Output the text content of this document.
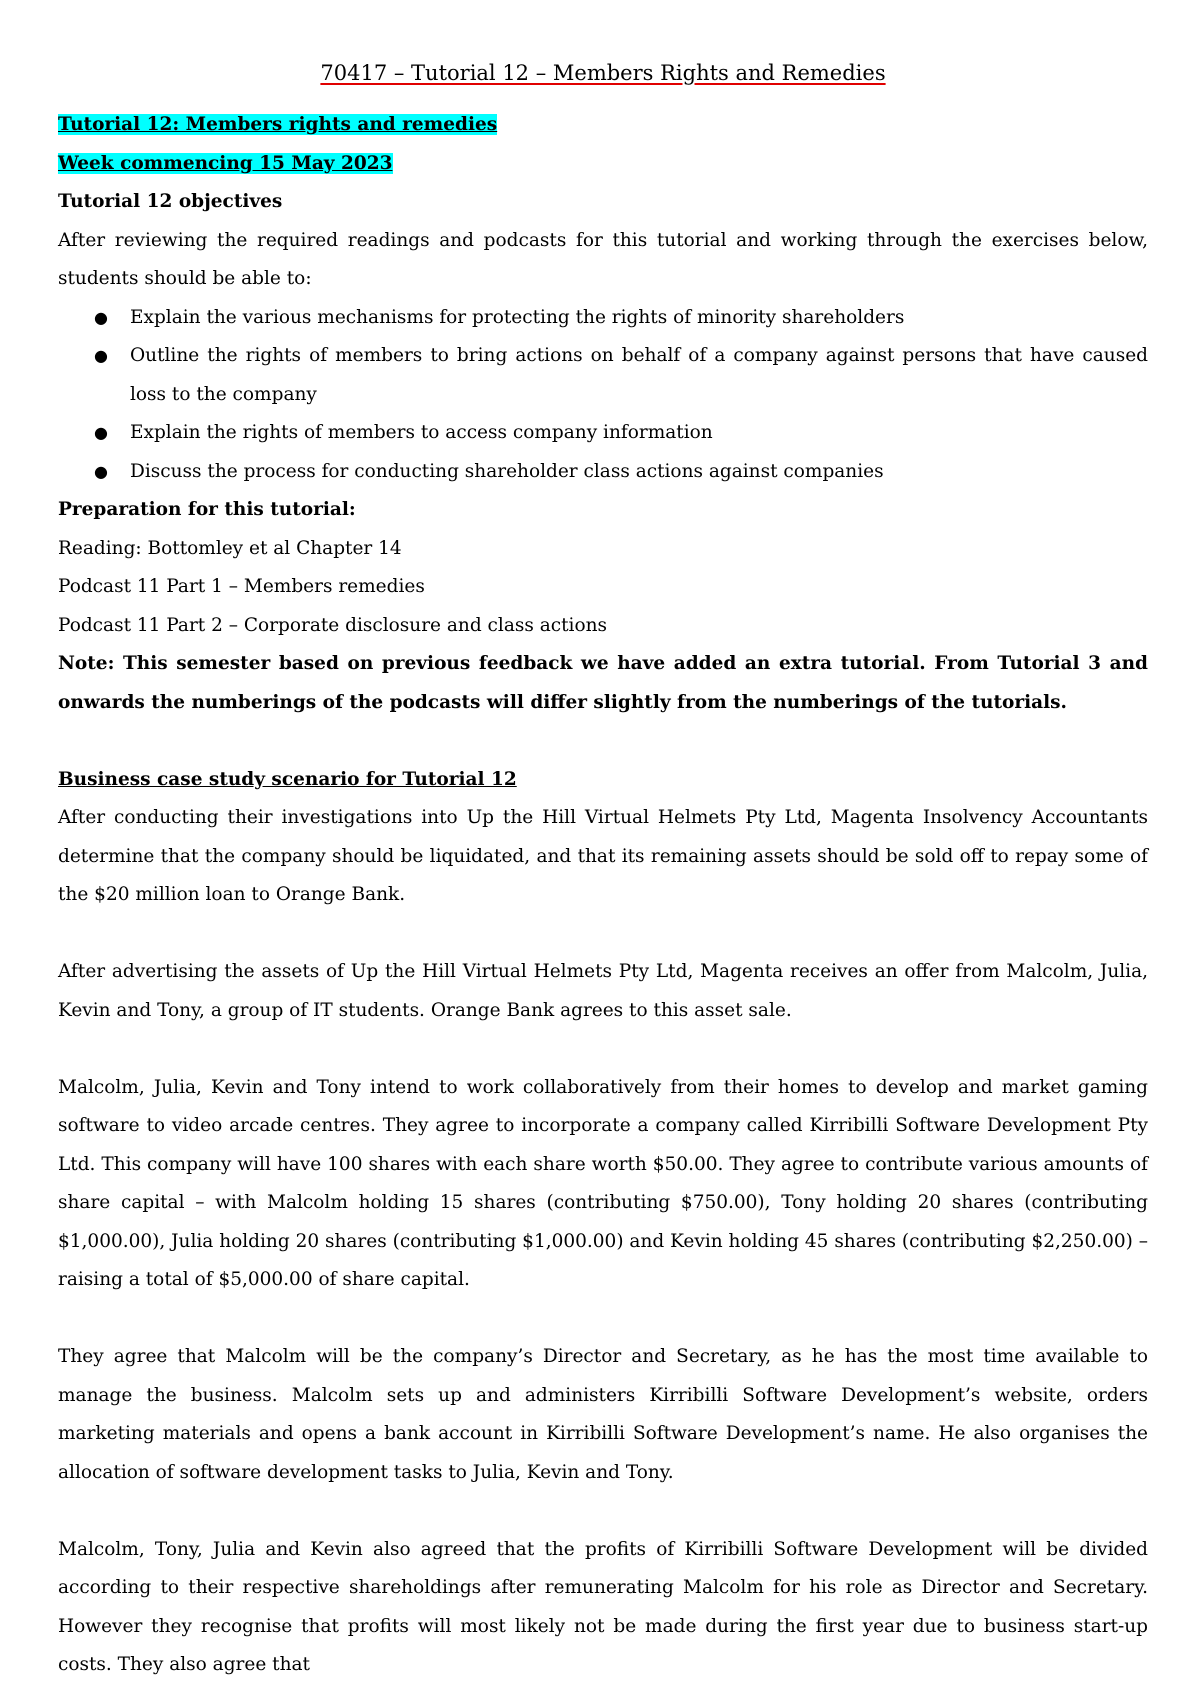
70417 – Tutorial 12 – Members Rights and Remedies

Tutorial 12: Members rights and remedies

Week commencing 15 May 2023

Tutorial 12 objectives

After reviewing the required readings and podcasts for this tutorial and working through the exercises below, students should be able to:

● Explain the various mechanisms for protecting the rights of minority shareholders
● Outline the rights of members to bring actions on behalf of a company against persons that have caused loss to the company
● Explain the rights of members to access company information
● Discuss the process for conducting shareholder class actions against companies

Preparation for this tutorial:

Reading: Bottomley et al Chapter 14

Podcast 11 Part 1 – Members remedies

Podcast 11 Part 2 – Corporate disclosure and class actions

Note: This semester based on previous feedback we have added an extra tutorial. From Tutorial 3 and onwards the numberings of the podcasts will differ slightly from the numberings of the tutorials.

Business case study scenario for Tutorial 12

After conducting their investigations into Up the Hill Virtual Helmets Pty Ltd, Magenta Insolvency Accountants determine that the company should be liquidated, and that its remaining assets should be sold off to repay some of the $20 million loan to Orange Bank.

After advertising the assets of Up the Hill Virtual Helmets Pty Ltd, Magenta receives an offer from Malcolm, Julia, Kevin and Tony, a group of IT students. Orange Bank agrees to this asset sale.

Malcolm, Julia, Kevin and Tony intend to work collaboratively from their homes to develop and market gaming software to video arcade centres. They agree to incorporate a company called Kirribilli Software Development Pty Ltd. This company will have 100 shares with each share worth $50.00. They agree to contribute various amounts of share capital – with Malcolm holding 15 shares (contributing $750.00), Tony holding 20 shares (contributing $1,000.00), Julia holding 20 shares (contributing $1,000.00) and Kevin holding 45 shares (contributing $2,250.00) – raising a total of $5,000.00 of share capital.

They agree that Malcolm will be the company’s Director and Secretary, as he has the most time available to manage the business. Malcolm sets up and administers Kirribilli Software Development’s website, orders marketing materials and opens a bank account in Kirribilli Software Development’s name. He also organises the allocation of software development tasks to Julia, Kevin and Tony.

Malcolm, Tony, Julia and Kevin also agreed that the profits of Kirribilli Software Development will be divided according to their respective shareholdings after remunerating Malcolm for his role as Director and Secretary. However they recognise that profits will most likely not be made during the first year due to business start-up costs. They also agree that
